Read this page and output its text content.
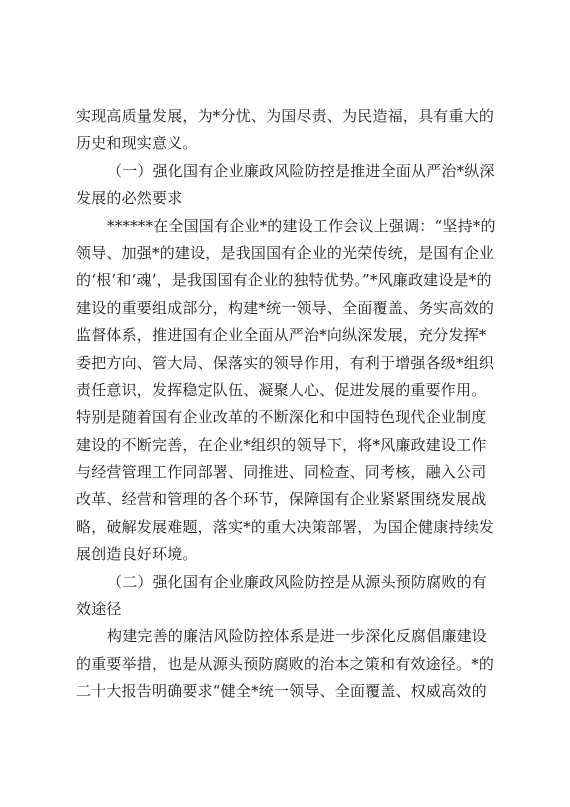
实现高质量发展，为*分忧、为国尽责、为民造福，具有重大的
历史和现实意义。
（一）强化国有企业廉政风险防控是推进全面从严治*纵深
发展的必然要求
******在全国国有企业*的建设工作会议上强调：“坚持*的
领导、加强*的建设，是我国国有企业的光荣传统，是国有企业
的‘根’和‘魂’，是我国国有企业的独特优势。”*风廉政建设是*的
建设的重要组成部分，构建*统一领导、全面覆盖、务实高效的
监督体系，推进国有企业全面从严治*向纵深发展，充分发挥*
委把方向、管大局、保落实的领导作用，有利于增强各级*组织
责任意识，发挥稳定队伍、凝聚人心、促进发展的重要作用。
特别是随着国有企业改革的不断深化和中国特色现代企业制度
建设的不断完善，在企业*组织的领导下，将*风廉政建设工作
与经营管理工作同部署、同推进、同检查、同考核，融入公司
改革、经营和管理的各个环节，保障国有企业紧紧围绕发展战
略，破解发展难题，落实*的重大决策部署，为国企健康持续发
展创造良好环境。
（二）强化国有企业廉政风险防控是从源头预防腐败的有
效途径
构建完善的廉洁风险防控体系是进一步深化反腐倡廉建设
的重要举措，也是从源头预防腐败的治本之策和有效途径。*的
二十大报告明确要求“健全*统一领导、全面覆盖、权威高效的
